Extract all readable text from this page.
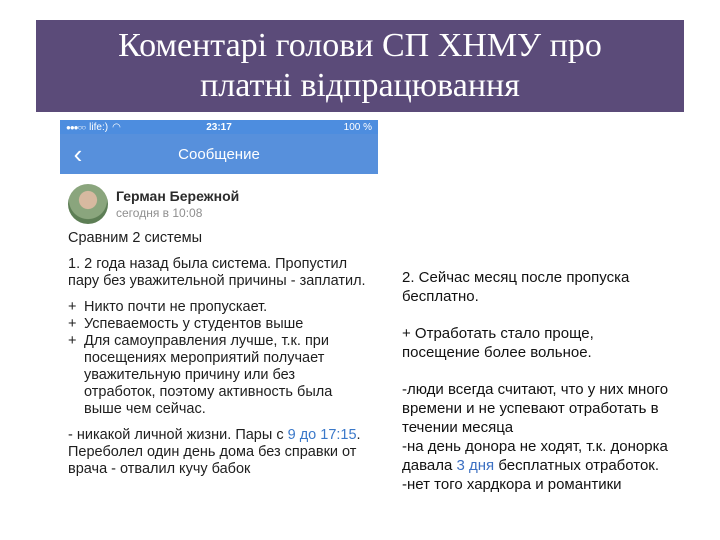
Коментарі голови СП ХНМУ про
платні відпрацювання
●●●○○ life:) ◠	23:17	100 %
‹	Сообщение
Герман Бережной
сегодня в 10:08

Сравним 2 системы

1. 2 года назад была система. Пропустил пару без уважительной причины - заплатил.

+ Никто почти не пропускает.

+ Успеваемость у студентов выше

+ Для самоуправления лучше, т.к. при посещениях мероприятий получает уважительную причину или без отработок, поэтому активность была выше чем сейчас.

- никакой личной жизни. Пары с 9 до 17:15. Переболел один день дома без справки от врача - отвалил кучу бабок

2. Сейчас месяц после пропуска бесплатно.
+ Отработать стало проще, посещение более вольное.
-люди всегда считают, что у них много времени и не успевают отработать в течении месяца
-на день донора не ходят, т.к. донорка давала 3 дня бесплатных отработок.
-нет того хардкора и романтики
